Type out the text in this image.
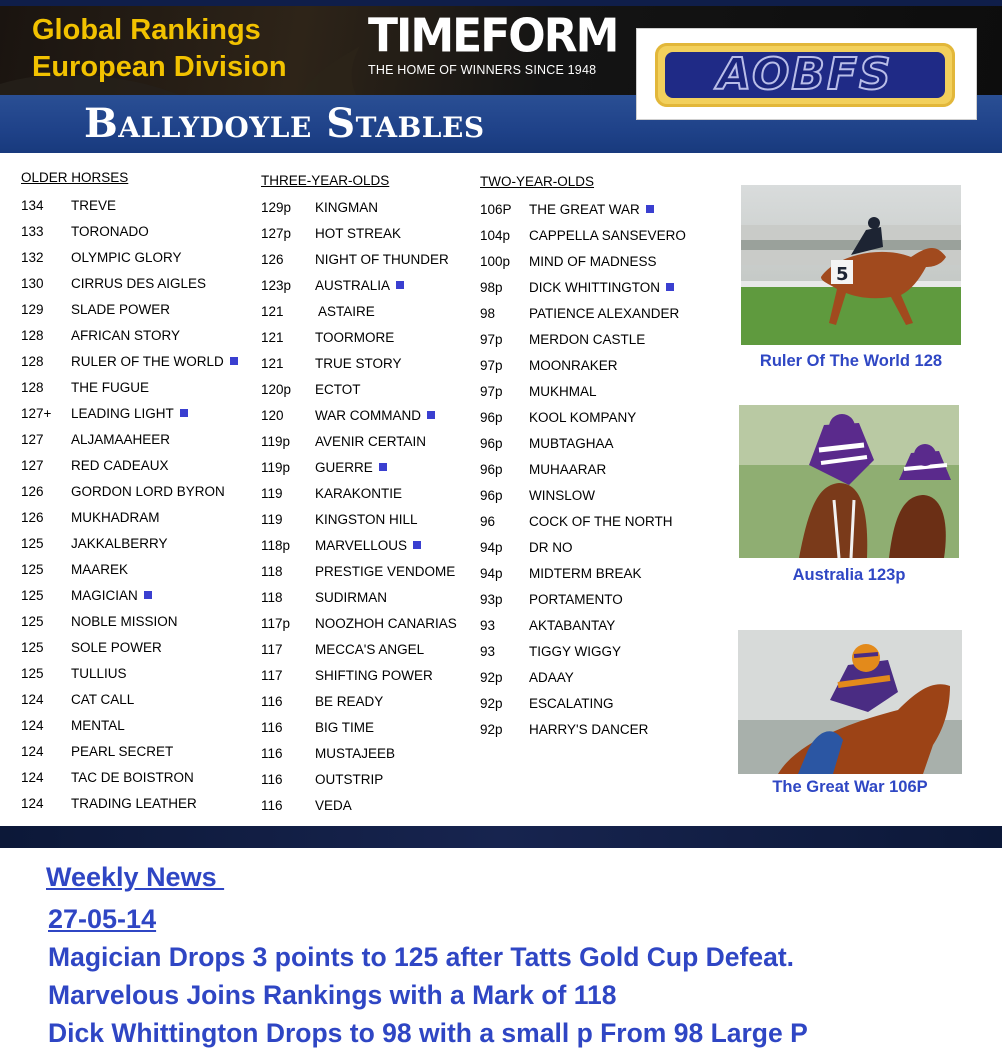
Global Rankings
European Division
TIMEFORM
THE HOME OF WINNERS SINCE 1948
Ballydoyle Stables
AOBFS
OLDER HORSES
134 TREVE
133 TORONADO
132 OLYMPIC GLORY
130 CIRRUS DES AIGLES
129 SLADE POWER
128 AFRICAN STORY
128 RULER OF THE WORLD
128 THE FUGUE
127+ LEADING LIGHT
127 ALJAMAAHEER
127 RED CADEAUX
126 GORDON LORD BYRON
126 MUKHADRAM
125 JAKKALBERRY
125 MAAREK
125 MAGICIAN
125 NOBLE MISSION
125 SOLE POWER
125 TULLIUS
124 CAT CALL
124 MENTAL
124 PEARL SECRET
124 TAC DE BOISTRON
124 TRADING LEATHER
THREE-YEAR-OLDS
129p KINGMAN
127p HOT STREAK
126 NIGHT OF THUNDER
123p AUSTRALIA
121 ASTAIRE
121 TOORMORE
121 TRUE STORY
120p ECTOT
120 WAR COMMAND
119p AVENIR CERTAIN
119p GUERRE
119 KARAKONTIE
119 KINGSTON HILL
118p MARVELLOUS
118 PRESTIGE VENDOME
118 SUDIRMAN
117p NOOZHOH CANARIAS
117 MECCA'S ANGEL
117 SHIFTING POWER
116 BE READY
116 BIG TIME
116 MUSTAJEEB
116 OUTSTRIP
116 VEDA
TWO-YEAR-OLDS
106P THE GREAT WAR
104p CAPPELLA SANSEVERO
100p MIND OF MADNESS
98p DICK WHITTINGTON
98	PATIENCE ALEXANDER
97p MERDON CASTLE
97p MOONRAKER
97p MUKHMAL
96p KOOL KOMPANY
96p MUBTAGHAA
96p MUHAARAR
96p WINSLOW
96	COCK OF THE NORTH
94p DR NO
94p MIDTERM BREAK
93p PORTAMENTO
93	AKTABANTAY
93	TIGGY WIGGY
92p ADAAY
92p ESCALATING
92p HARRY'S DANCER
5
Ruler Of The World 128
Australia 123p
The Great War 106P
Weekly News
27-05-14
Magician Drops 3 points to 125 after Tatts Gold Cup Defeat.
Marvelous Joins Rankings with a Mark of 118
Dick Whittington Drops to 98 with a small p From 98 Large P
